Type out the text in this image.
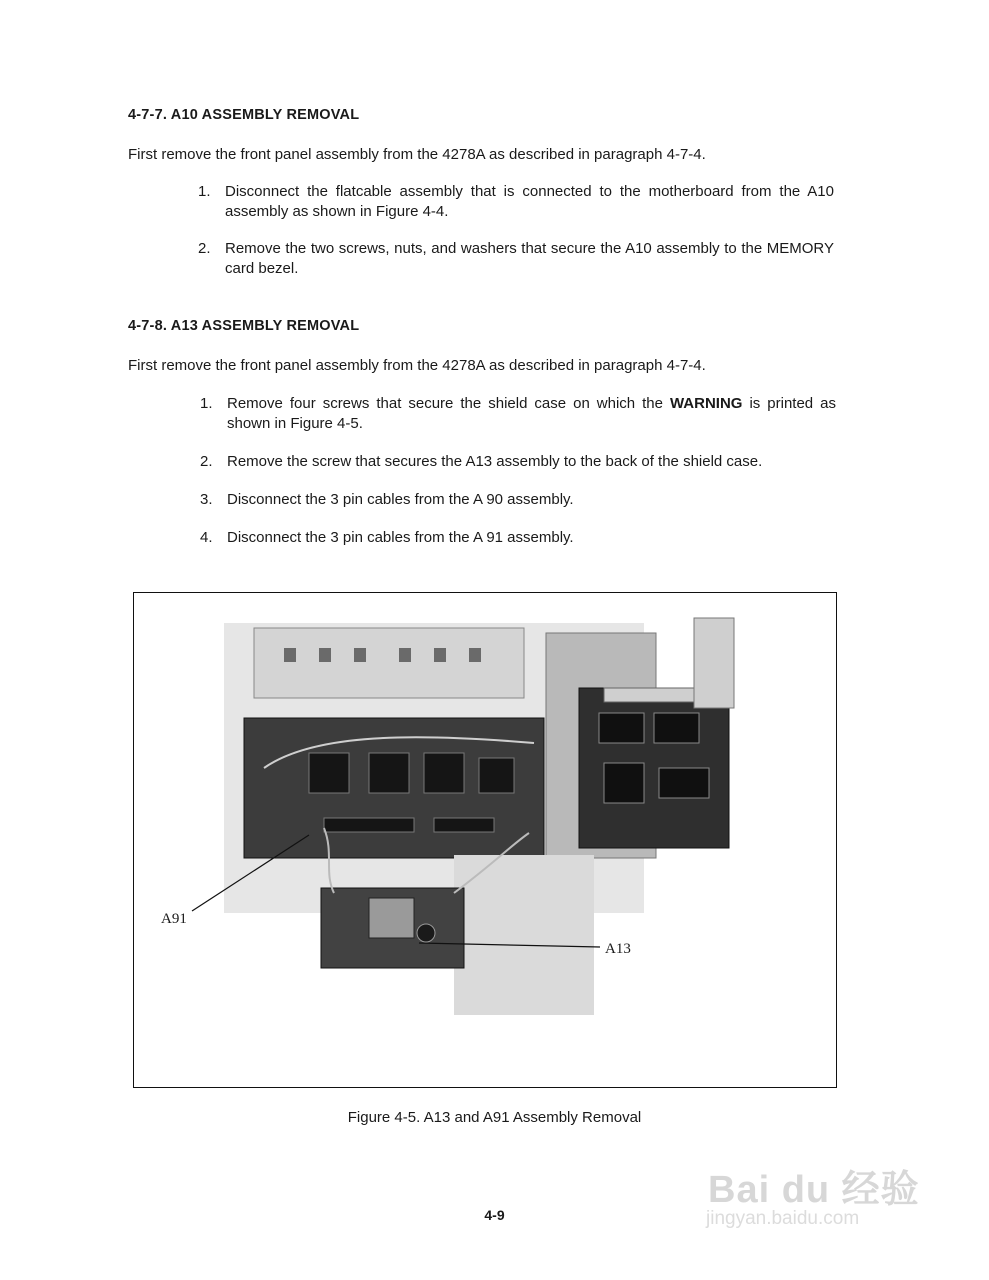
4-7-7. A10 ASSEMBLY REMOVAL
First remove the front panel assembly from the 4278A as described in paragraph 4-7-4.
1. Disconnect the flatcable assembly that is connected to the motherboard from the A10 assembly as shown in Figure 4-4.
2. Remove the two screws, nuts, and washers that secure the A10 assembly to the MEMORY card bezel.
4-7-8. A13 ASSEMBLY REMOVAL
First remove the front panel assembly from the 4278A as described in paragraph 4-7-4.
1. Remove four screws that secure the shield case on which the WARNING is printed as shown in Figure 4-5.
2. Remove the screw that secures the A13 assembly to the back of the shield case.
3. Disconnect the 3 pin cables from the A 90 assembly.
4. Disconnect the 3 pin cables from the A 91 assembly.
A91
A13
Figure 4-5. A13 and A91 Assembly Removal
4-9
Bai du 经验
jingyan.baidu.com
